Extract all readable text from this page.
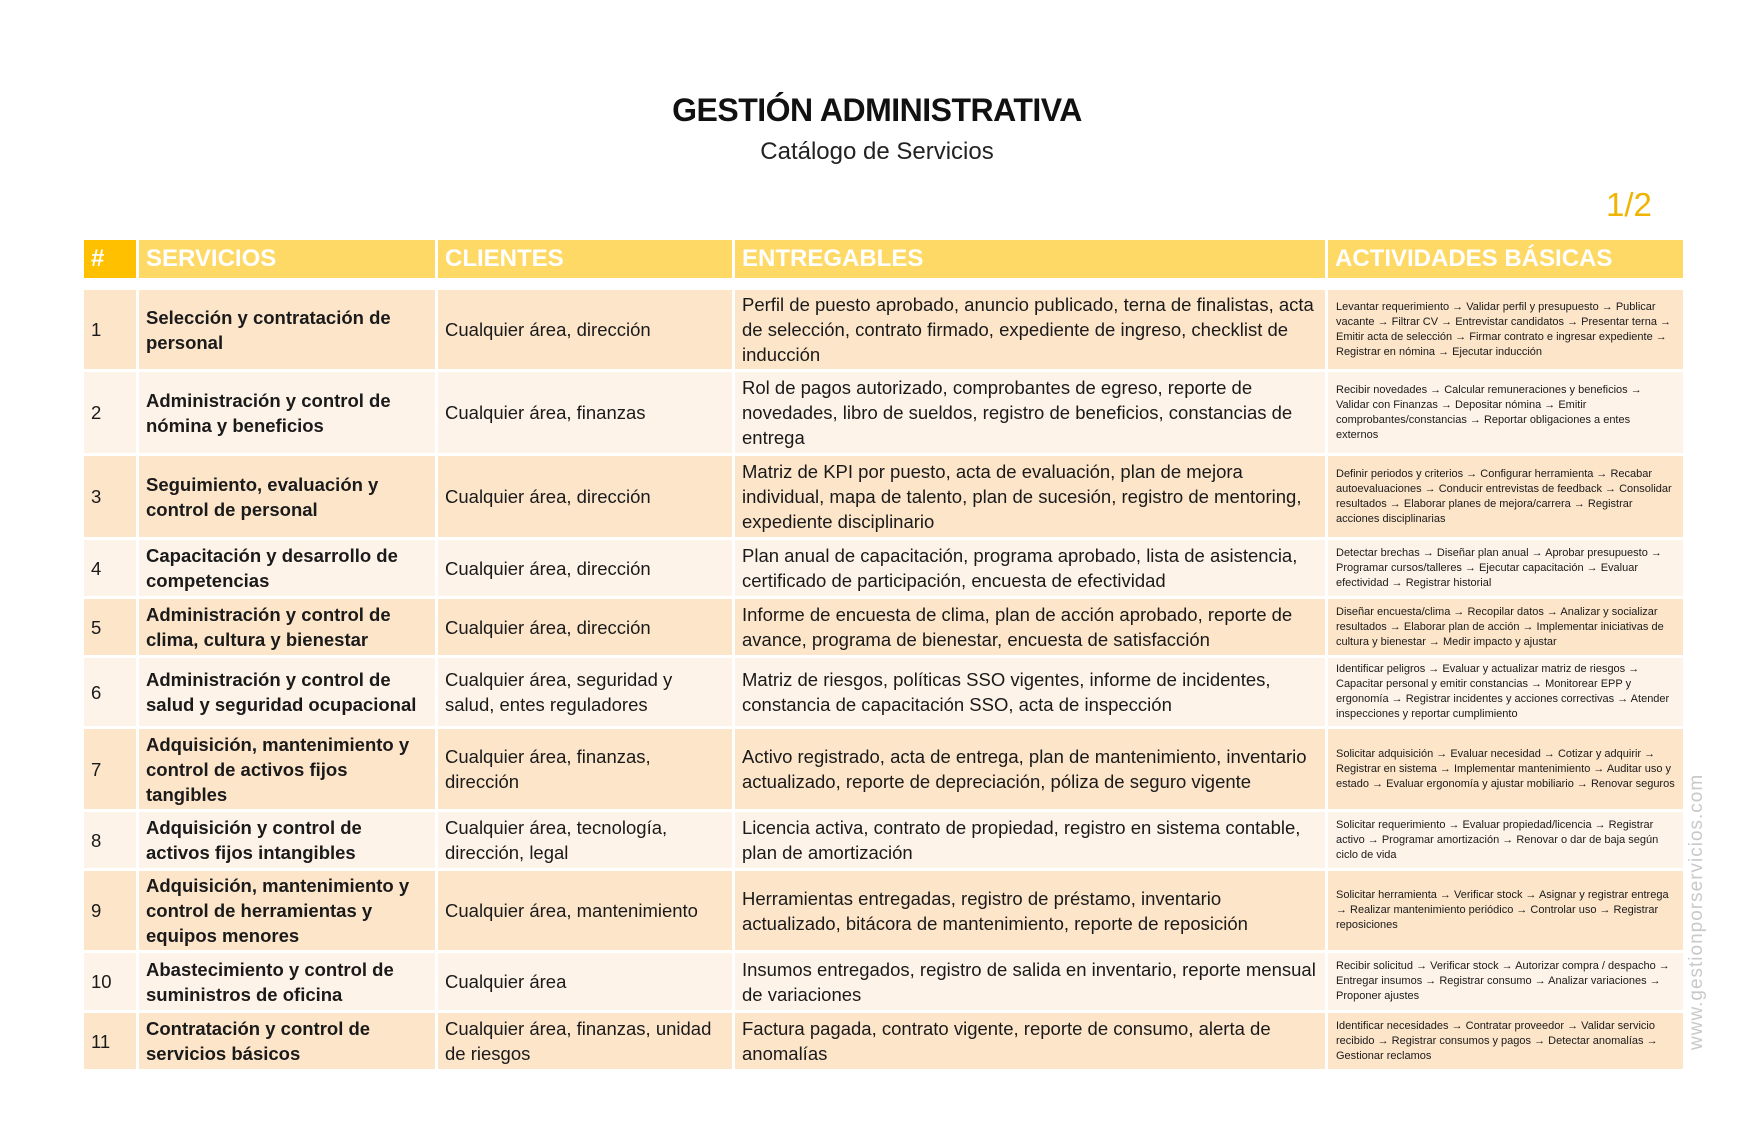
GESTIÓN ADMINISTRATIVA
Catálogo de Servicios
1/2
www.gestionporservicios.com
#	SERVICIOS	CLIENTES	ENTREGABLES	ACTIVIDADES BÁSICAS

1	Selección y contratación de personal	Cualquier área, dirección	Perfil de puesto aprobado, anuncio publicado, terna de finalistas, acta de selección, contrato firmado, expediente de ingreso, checklist de inducción	Levantar requerimiento → Validar perfil y presupuesto → Publicar vacante → Filtrar CV → Entrevistar candidatos → Presentar terna → Emitir acta de selección → Firmar contrato e ingresar expediente → Registrar en nómina → Ejecutar inducción
2	Administración y control de nómina y beneficios	Cualquier área, finanzas	Rol de pagos autorizado, comprobantes de egreso, reporte de novedades, libro de sueldos, registro de beneficios, constancias de entrega	Recibir novedades → Calcular remuneraciones y beneficios → Validar con Finanzas → Depositar nómina → Emitir comprobantes/constancias → Reportar obligaciones a entes externos
3	Seguimiento, evaluación y control de personal	Cualquier área, dirección	Matriz de KPI por puesto, acta de evaluación, plan de mejora individual, mapa de talento, plan de sucesión, registro de mentoring, expediente disciplinario	Definir periodos y criterios → Configurar herramienta → Recabar autoevaluaciones → Conducir entrevistas de feedback → Consolidar resultados → Elaborar planes de mejora/carrera → Registrar acciones disciplinarias
4	Capacitación y desarrollo de competencias	Cualquier área, dirección	Plan anual de capacitación, programa aprobado, lista de asistencia, certificado de participación, encuesta de efectividad	Detectar brechas → Diseñar plan anual → Aprobar presupuesto → Programar cursos/talleres → Ejecutar capacitación → Evaluar efectividad → Registrar historial
5	Administración y control de clima, cultura y bienestar	Cualquier área, dirección	Informe de encuesta de clima, plan de acción aprobado, reporte de avance, programa de bienestar, encuesta de satisfacción	Diseñar encuesta/clima → Recopilar datos → Analizar y socializar resultados → Elaborar plan de acción → Implementar iniciativas de cultura y bienestar → Medir impacto y ajustar
6	Administración y control de salud y seguridad ocupacional	Cualquier área, seguridad y salud, entes reguladores	Matriz de riesgos, políticas SSO vigentes, informe de incidentes, constancia de capacitación SSO, acta de inspección	Identificar peligros → Evaluar y actualizar matriz de riesgos → Capacitar personal y emitir constancias → Monitorear EPP y ergonomía → Registrar incidentes y acciones correctivas → Atender inspecciones y reportar cumplimiento
7	Adquisición, mantenimiento y control de activos fijos tangibles	Cualquier área, finanzas, dirección	Activo registrado, acta de entrega, plan de mantenimiento, inventario actualizado, reporte de depreciación, póliza de seguro vigente	Solicitar adquisición → Evaluar necesidad → Cotizar y adquirir → Registrar en sistema → Implementar mantenimiento → Auditar uso y estado → Evaluar ergonomía y ajustar mobiliario → Renovar seguros
8	Adquisición y control de activos fijos intangibles	Cualquier área, tecnología, dirección, legal	Licencia activa, contrato de propiedad, registro en sistema contable, plan de amortización	Solicitar requerimiento → Evaluar propiedad/licencia → Registrar activo → Programar amortización → Renovar o dar de baja según ciclo de vida
9	Adquisición, mantenimiento y control de herramientas y equipos menores	Cualquier área, mantenimiento	Herramientas entregadas, registro de préstamo, inventario actualizado, bitácora de mantenimiento, reporte de reposición	Solicitar herramienta → Verificar stock → Asignar y registrar entrega → Realizar mantenimiento periódico → Controlar uso → Registrar reposiciones
10	Abastecimiento y control de suministros de oficina	Cualquier área	Insumos entregados, registro de salida en inventario, reporte mensual de variaciones	Recibir solicitud → Verificar stock → Autorizar compra / despacho → Entregar insumos → Registrar consumo → Analizar variaciones → Proponer ajustes
11	Contratación y control de servicios básicos	Cualquier área, finanzas, unidad de riesgos	Factura pagada, contrato vigente, reporte de consumo, alerta de anomalías	Identificar necesidades → Contratar proveedor → Validar servicio recibido → Registrar consumos y pagos → Detectar anomalías → Gestionar reclamos
